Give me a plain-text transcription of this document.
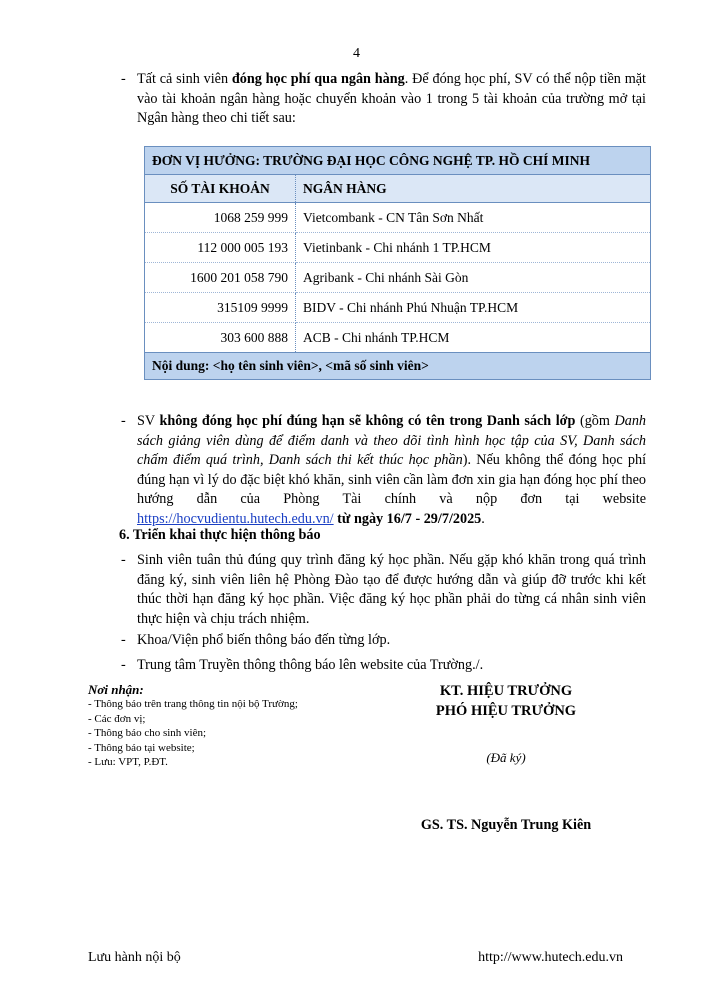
4
- Tất cả sinh viên đóng học phí qua ngân hàng. Để đóng học phí, SV có thể nộp tiền mặt vào tài khoản ngân hàng hoặc chuyển khoản vào 1 trong 5 tài khoản của trường mở tại Ngân hàng theo chi tiết sau:

ĐƠN VỊ HƯỞNG: TRƯỜNG ĐẠI HỌC CÔNG NGHỆ TP. HỒ CHÍ MINH	
SỐ TÀI KHOẢN	NGÂN HÀNG
1068 259 999	Vietcombank - CN Tân Sơn Nhất
112 000 005 193	Vietinbank - Chi nhánh 1 TP.HCM
1600 201 058 790	Agribank - Chi nhánh Sài Gòn
315109 9999	BIDV - Chi nhánh Phú Nhuận TP.HCM
303 600 888	ACB - Chi nhánh TP.HCM
Nội dung: <họ tên sinh viên>, <mã số sinh viên>	
- SV không đóng học phí đúng hạn sẽ không có tên trong Danh sách lớp (gồm Danh sách giảng viên dùng để điểm danh và theo dõi tình hình học tập của SV, Danh sách chấm điểm quá trình, Danh sách thi kết thúc học phần). Nếu không thể đóng học phí đúng hạn vì lý do đặc biệt khó khăn, sinh viên cần làm đơn xin gia hạn đóng học phí theo hướng dẫn của Phòng Tài chính và nộp đơn tại website https://hocvudientu.hutech.edu.vn/ từ ngày 16/7 - 29/7/2025.

6. Triển khai thực hiện thông báo
- Sinh viên tuân thủ đúng quy trình đăng ký học phần. Nếu gặp khó khăn trong quá trình đăng ký, sinh viên liên hệ Phòng Đào tạo để được hướng dẫn và giúp đỡ trước khi kết thúc thời hạn đăng ký học phần. Việc đăng ký học phần phải do từng cá nhân sinh viên thực hiện và chịu trách nhiệm.

- Khoa/Viện phổ biến thông báo đến từng lớp.

- Trung tâm Truyền thông thông báo lên website của Trường./.

Nơi nhận:
- Thông báo trên trang thông tin nội bộ Trường;
- Các đơn vị;
- Thông báo cho sinh viên;
- Thông báo tại website;
- Lưu: VPT, P.ĐT.
KT. HIỆU TRƯỞNG
PHÓ HIỆU TRƯỞNG
(Đã ký)
GS. TS. Nguyễn Trung Kiên
Lưu hành nội bộ	http://www.hutech.edu.vn
